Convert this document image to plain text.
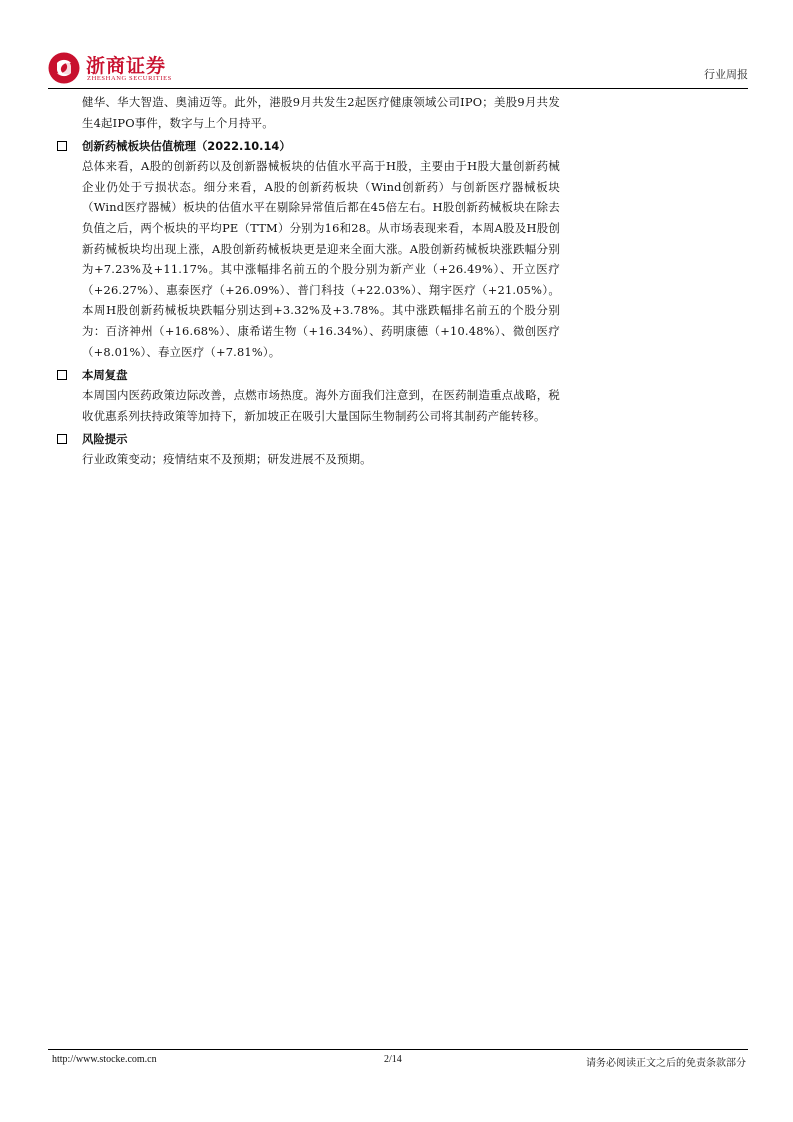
浙商证券
ZHESHANG SECURITIES	行业周报

健华、华大智造、奥浦迈等。此外，港股9月共发生2起医疗健康领域公司IPO；美股9月共发生4起IPO事件，数字与上个月持平。

创新药械板块估值梳理（2022.10.14）

总体来看，A股的创新药以及创新器械板块的估值水平高于H股，主要由于H股大量创新药械企业仍处于亏损状态。细分来看，A股的创新药板块（Wind创新药）与创新医疗器械板块（Wind医疗器械）板块的估值水平在剔除异常值后都在45倍左右。H股创新药械板块在除去负值之后，两个板块的平均PE（TTM）分别为16和28。从市场表现来看，本周A股及H股创新药械板块均出现上涨，A股创新药械板块更是迎来全面大涨。A股创新药械板块涨跌幅分别为+7.23%及+11.17%。其中涨幅排名前五的个股分别为新产业（+26.49%）、开立医疗（+26.27%）、惠泰医疗（+26.09%）、普门科技（+22.03%）、翔宇医疗（+21.05%）。本周H股创新药械板块跌幅分别达到+3.32%及+3.78%。其中涨跌幅排名前五的个股分别为：百济神州（+16.68%）、康希诺生物（+16.34%）、药明康德（+10.48%）、微创医疗（+8.01%）、春立医疗（+7.81%）。

本周复盘

本周国内医药政策边际改善，点燃市场热度。海外方面我们注意到，在医药制造重点战略，税收优惠系列扶持政策等加持下，新加坡正在吸引大量国际生物制药公司将其制药产能转移。

风险提示

行业政策变动；疫情结束不及预期；研发进展不及预期。

http://www.stocke.com.cn	2/14	请务必阅读正文之后的免责条款部分
